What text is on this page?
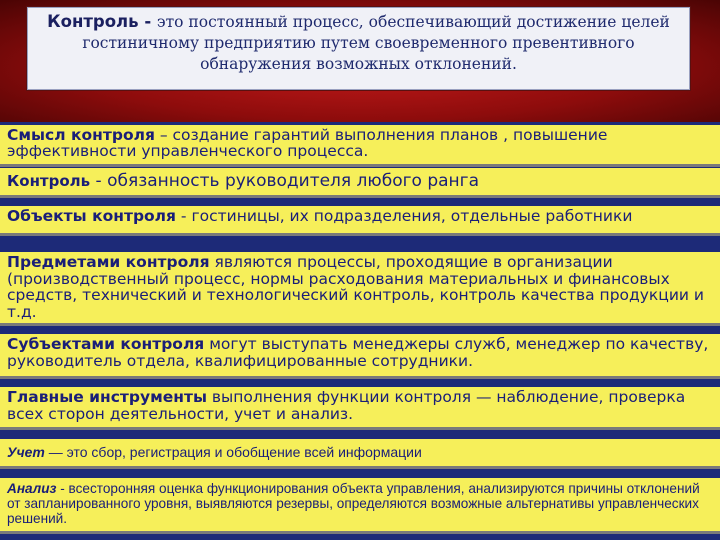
Контроль - это постоянный процесс, обеспечивающий достижение целей гостиничному предприятию путем своевременного превентивного обнаружения возможных отклонений.
Смысл контроля – создание гарантий выполнения планов , повышение эффективности управленческого процесса.
Контроль - обязанность руководителя любого ранга
Объекты контроля - гостиницы, их подразделения, отдельные работники
Предметами контроля являются процессы, проходящие в организации (производственный процесс, нормы расходования материальных и финансовых средств, технический и технологический контроль, контроль качества продукции и т.д.
Субъектами контроля могут выступать менеджеры служб, менеджер по качеству, руководитель отдела, квалифицированные сотрудники.
Главные инструменты выполнения функции контроля — наблюдение, проверка всех сторон деятельности, учет и анализ.
Учет — это сбор, регистрация и обобщение всей информации
Анализ - всесторонняя оценка функционирования объекта управления, анализируются причины отклонений от запланированного уровня, выявляются резервы, определяются возможные альтернативы управленческих решений.
